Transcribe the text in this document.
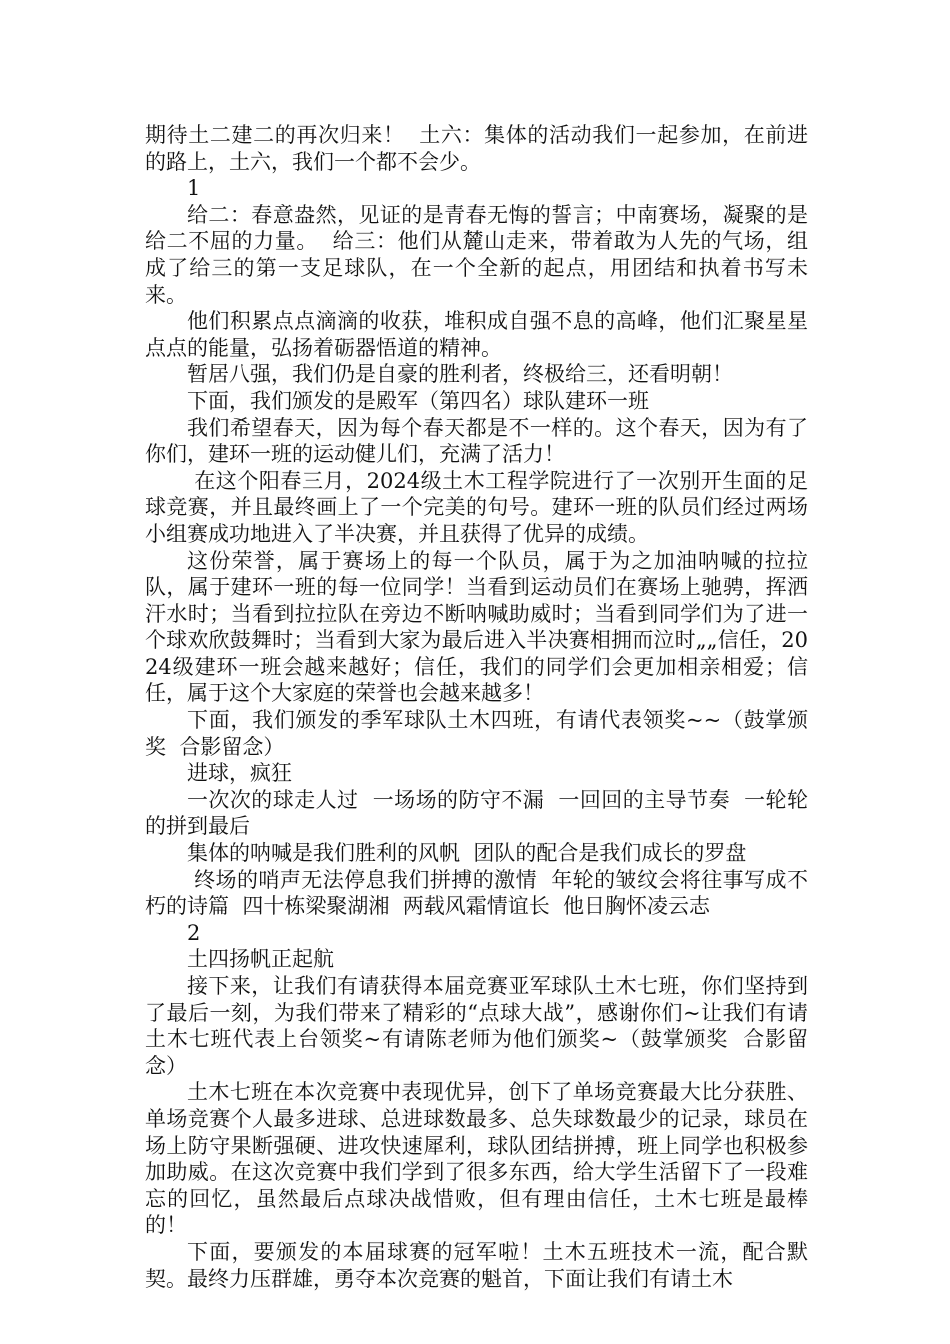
期待土二建二的再次归来！  土六：集体的活动我们一起参加，在前进的路上，土六，我们一个都不会少。

1

给二：春意盎然，见证的是青春无悔的誓言；中南赛场，凝聚的是给二不屈的力量。  给三：他们从麓山走来，带着敢为人先的气场，组成了给三的第一支足球队，在一个全新的起点，用团结和执着书写未来。

他们积累点点滴滴的收获，堆积成自强不息的高峰，他们汇聚星星点点的能量，弘扬着砺器悟道的精神。

暂居八强，我们仍是自豪的胜利者，终极给三，还看明朝！

下面，我们颁发的是殿军（第四名）球队建环一班

我们希望春天，因为每个春天都是不一样的。这个春天，因为有了你们，建环一班的运动健儿们，充满了活力！

在这个阳春三月，2024级土木工程学院进行了一次别开生面的足球竞赛，并且最终画上了一个完美的句号。建环一班的队员们经过两场小组赛成功地进入了半决赛，并且获得了优异的成绩。

这份荣誉，属于赛场上的每一个队员，属于为之加油呐喊的拉拉队，属于建环一班的每一位同学！当看到运动员们在赛场上驰骋，挥洒汗水时；当看到拉拉队在旁边不断呐喊助威时；当看到同学们为了进一个球欢欣鼓舞时；当看到大家为最后进入半决赛相拥而泣时„„信任，2024级建环一班会越来越好；信任，我们的同学们会更加相亲相爱；信任，属于这个大家庭的荣誉也会越来越多！

下面，我们颁发的季军球队土木四班，有请代表领奖~~（鼓掌颁奖  合影留念）

进球，疯狂

一次次的球走人过  一场场的防守不漏  一回回的主导节奏  一轮轮的拼到最后

集体的呐喊是我们胜利的风帆  团队的配合是我们成长的罗盘

终场的哨声无法停息我们拼搏的激情  年轮的皱纹会将往事写成不朽的诗篇  四十栋梁聚湖湘  两载风霜情谊长  他日胸怀凌云志

2

土四扬帆正起航

接下来，让我们有请获得本届竞赛亚军球队土木七班，你们坚持到了最后一刻，为我们带来了精彩的“点球大战”，感谢你们~让我们有请土木七班代表上台领奖~有请陈老师为他们颁奖~（鼓掌颁奖  合影留念）

土木七班在本次竞赛中表现优异，创下了单场竞赛最大比分获胜、单场竞赛个人最多进球、总进球数最多、总失球数最少的记录，球员在场上防守果断强硬、进攻快速犀利，球队团结拼搏，班上同学也积极参加助威。在这次竞赛中我们学到了很多东西，给大学生活留下了一段难忘的回忆，虽然最后点球决战惜败，但有理由信任，土木七班是最棒的！

下面，要颁发的本届球赛的冠军啦！土木五班技术一流，配合默契。最终力压群雄，勇夺本次竞赛的魁首，下面让我们有请土木
